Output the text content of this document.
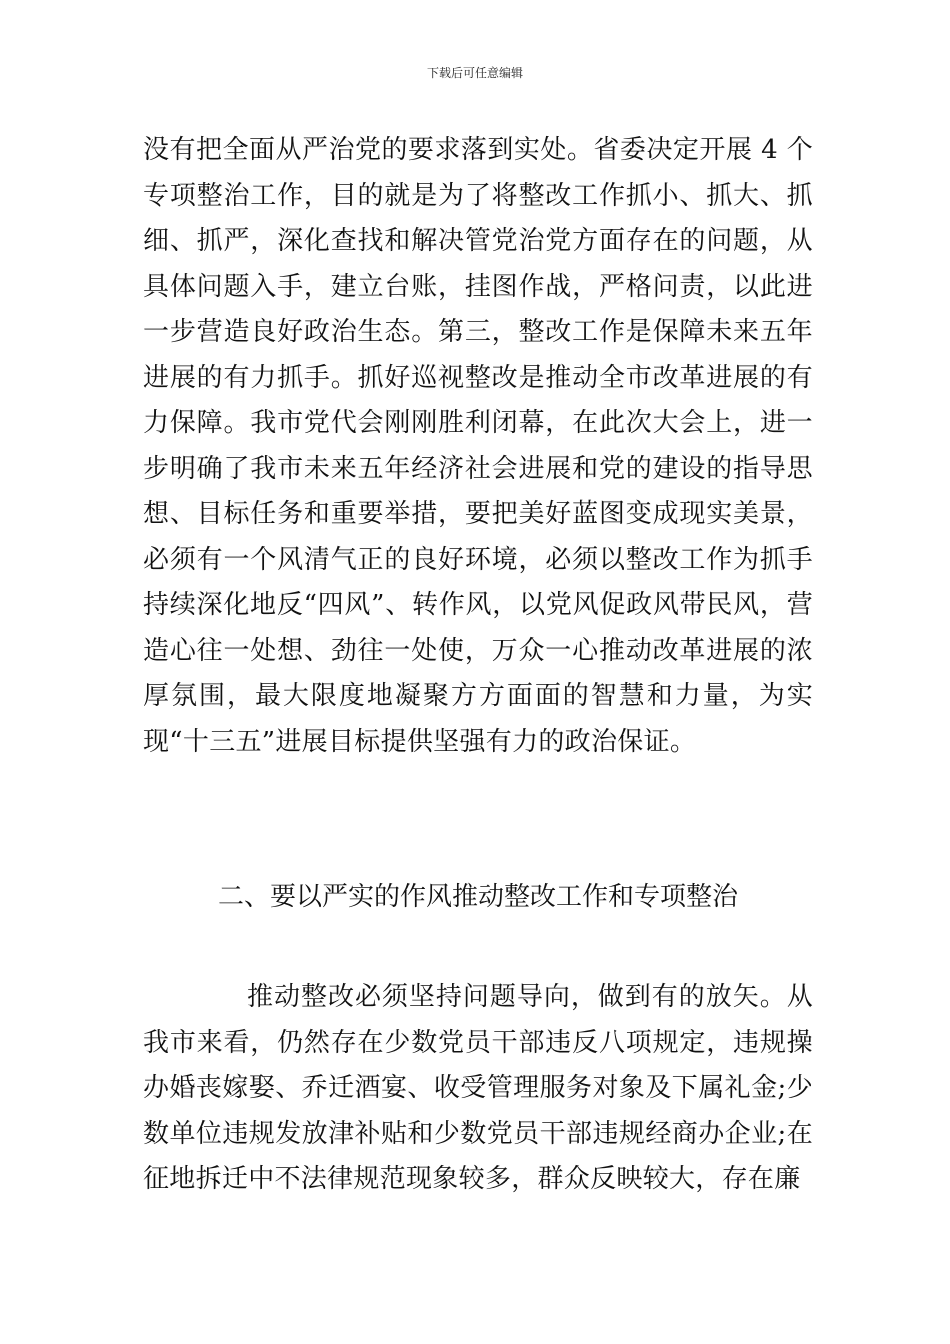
下载后可任意编辑
没有把全面从严治党的要求落到实处。省委决定开展 4 个专项整治工作，目的就是为了将整改工作抓小、抓大、抓细、抓严，深化查找和解决管党治党方面存在的问题，从具体问题入手，建立台账，挂图作战，严格问责，以此进一步营造良好政治生态。第三，整改工作是保障未来五年进展的有力抓手。抓好巡视整改是推动全市改革进展的有力保障。我市党代会刚刚胜利闭幕，在此次大会上，进一步明确了我市未来五年经济社会进展和党的建设的指导思想、目标任务和重要举措，要把美好蓝图变成现实美景，必须有一个风清气正的良好环境，必须以整改工作为抓手持续深化地反“四风”、转作风，以党风促政风带民风，营造心往一处想、劲往一处使，万众一心推动改革进展的浓厚氛围，最大限度地凝聚方方面面的智慧和力量，为实现“十三五”进展目标提供坚强有力的政治保证。
二、要以严实的作风推动整改工作和专项整治
推动整改必须坚持问题导向，做到有的放矢。从我市来看，仍然存在少数党员干部违反八项规定，违规操办婚丧嫁娶、乔迁酒宴、收受管理服务对象及下属礼金;少数单位违规发放津补贴和少数党员干部违规经商办企业;在征地拆迁中不法律规范现象较多，群众反映较大，存在廉
